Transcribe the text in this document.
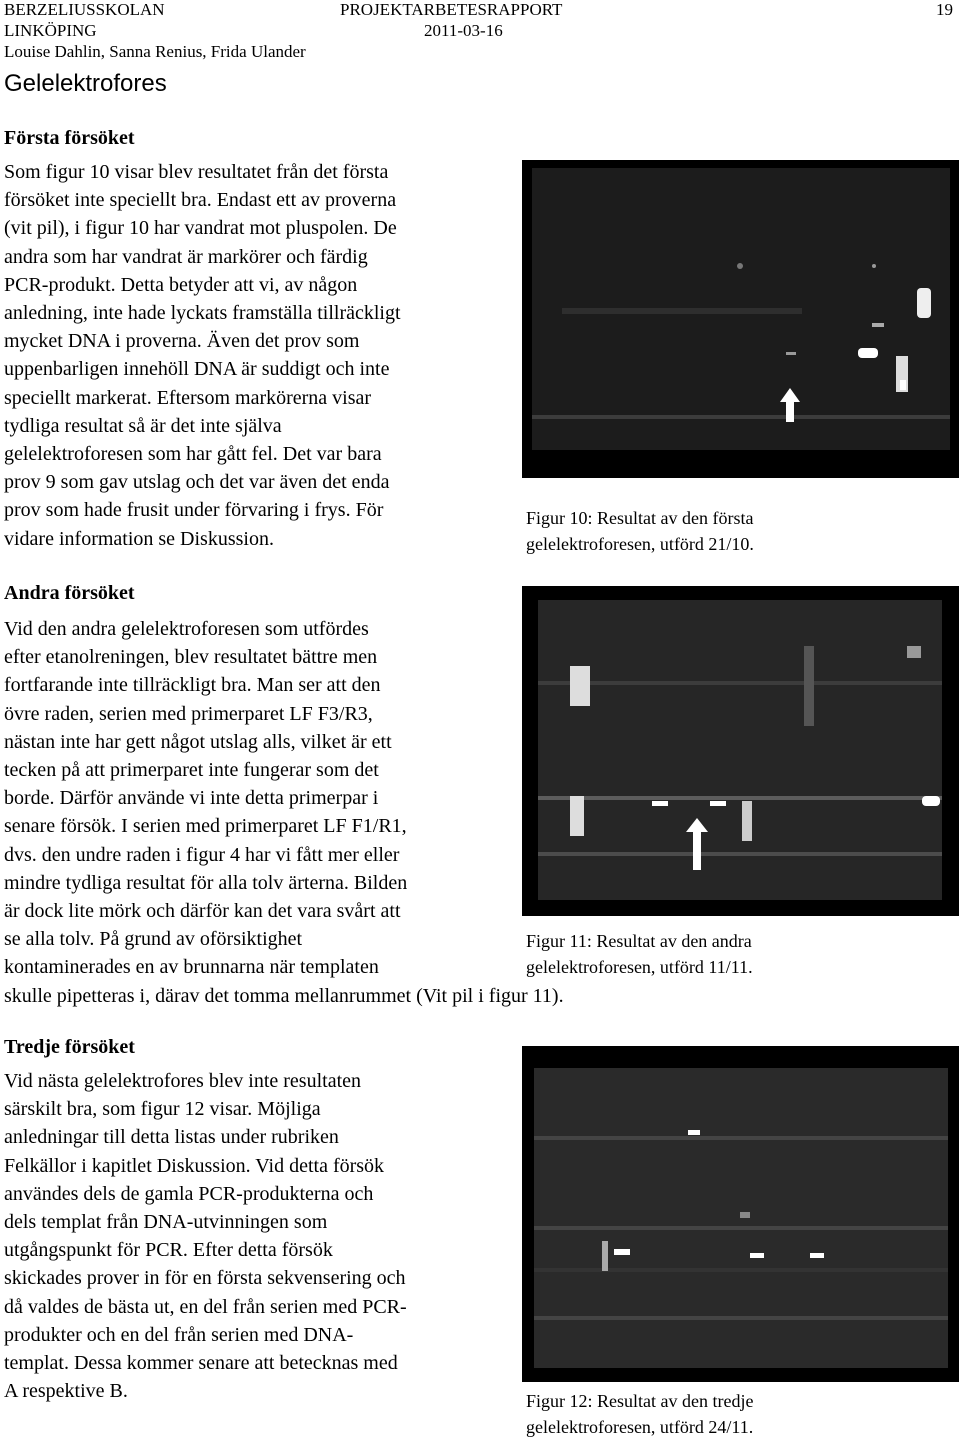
BERZELIUSSKOLAN
LINKÖPING
Louise Dahlin, Sanna Renius, Frida Ulander
PROJEKTARBETESRAPPORT
2011-03-16
19
Gelelektrofores
Första försöket
Som figur 10 visar blev resultatet från det första
försöket inte speciellt bra. Endast ett av proverna
(vit pil), i figur 10 har vandrat mot pluspolen. De
andra som har vandrat är markörer och färdig
PCR-produkt. Detta betyder att vi, av någon
anledning, inte hade lyckats framställa tillräckligt
mycket DNA i proverna. Även det prov som
uppenbarligen innehöll DNA är suddigt och inte
speciellt markerat. Eftersom markörerna visar
tydliga resultat så är det inte själva
gelelektroforesen som har gått fel. Det var bara
prov 9 som gav utslag och det var även det enda
prov som hade frusit under förvaring i frys. För
vidare information se Diskussion.

Figur 10: Resultat av den första
gelelektroforesen, utförd 21/10.

Andra försöket
Vid den andra gelelektroforesen som utfördes
efter etanolreningen, blev resultatet bättre men
fortfarande inte tillräckligt bra. Man ser att den
övre raden, serien med primerparet LF F3/R3,
nästan inte har gett något utslag alls, vilket är ett
tecken på att primerparet inte fungerar som det
borde. Därför använde vi inte detta primerpar i
senare försök. I serien med primerparet LF F1/R1,
dvs. den undre raden i figur 4 har vi fått mer eller
mindre tydliga resultat för alla tolv ärterna. Bilden
är dock lite mörk och därför kan det vara svårt att
se alla tolv. På grund av oförsiktighet
kontaminerades en av brunnarna när templaten
skulle pipetteras i, därav det tomma mellanrummet (Vit pil i figur 11).

Figur 11: Resultat av den andra
gelelektroforesen, utförd 11/11.

Tredje försöket
Vid nästa gelelektrofores blev inte resultaten
särskilt bra, som figur 12 visar. Möjliga
anledningar till detta listas under rubriken
Felkällor i kapitlet Diskussion. Vid detta försök
användes dels de gamla PCR-produkterna och
dels templat från DNA-utvinningen som
utgångspunkt för PCR. Efter detta försök
skickades prover in för en första sekvensering och
då valdes de bästa ut, en del från serien med PCR-
produkter och en del från serien med DNA-
templat. Dessa kommer senare att betecknas med
A respektive B.	Figur 12: Resultat av den tredje
gelelektroforesen, utförd 24/11.
